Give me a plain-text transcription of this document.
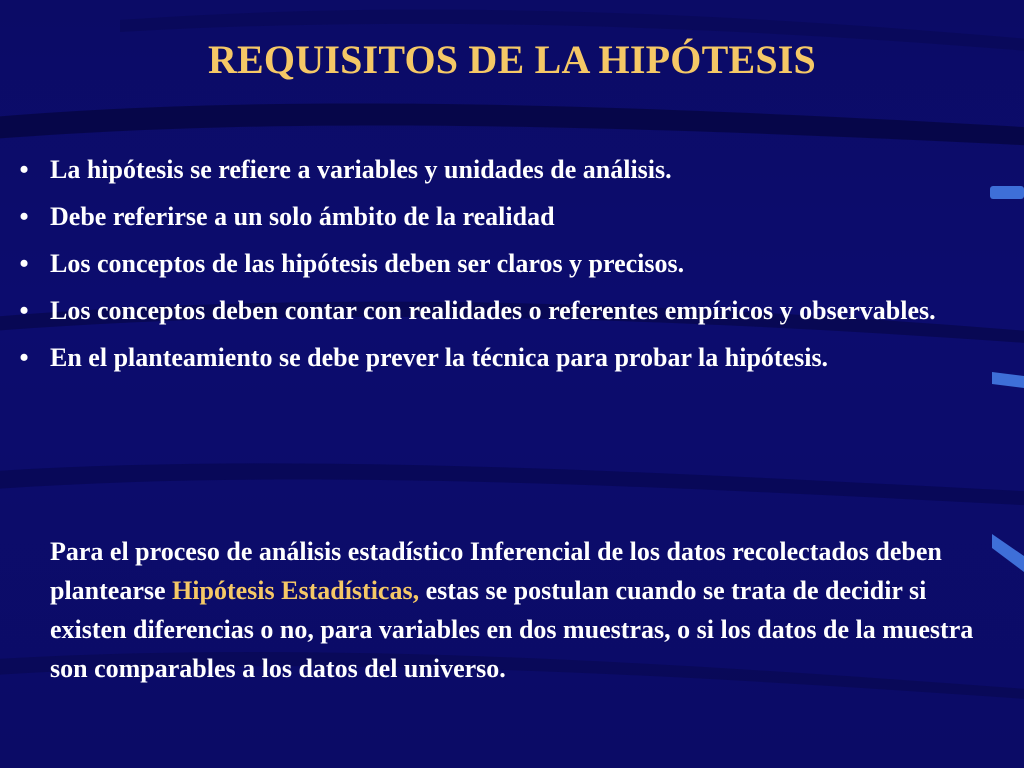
REQUISITOS DE LA HIPÓTESIS
• La hipótesis se refiere a variables y unidades de análisis.
• Debe referirse a un solo ámbito de la realidad
• Los conceptos de las hipótesis deben ser claros y precisos.
• Los conceptos deben contar con realidades o referentes empíricos y observables.
• En el planteamiento se debe prever la técnica para probar la hipótesis.

Para el proceso de análisis estadístico Inferencial de los datos recolectados deben plantearse Hipótesis Estadísticas, estas se postulan cuando se trata de decidir si existen diferencias o no, para variables en dos muestras, o si los datos de la muestra son comparables a los datos del universo.
